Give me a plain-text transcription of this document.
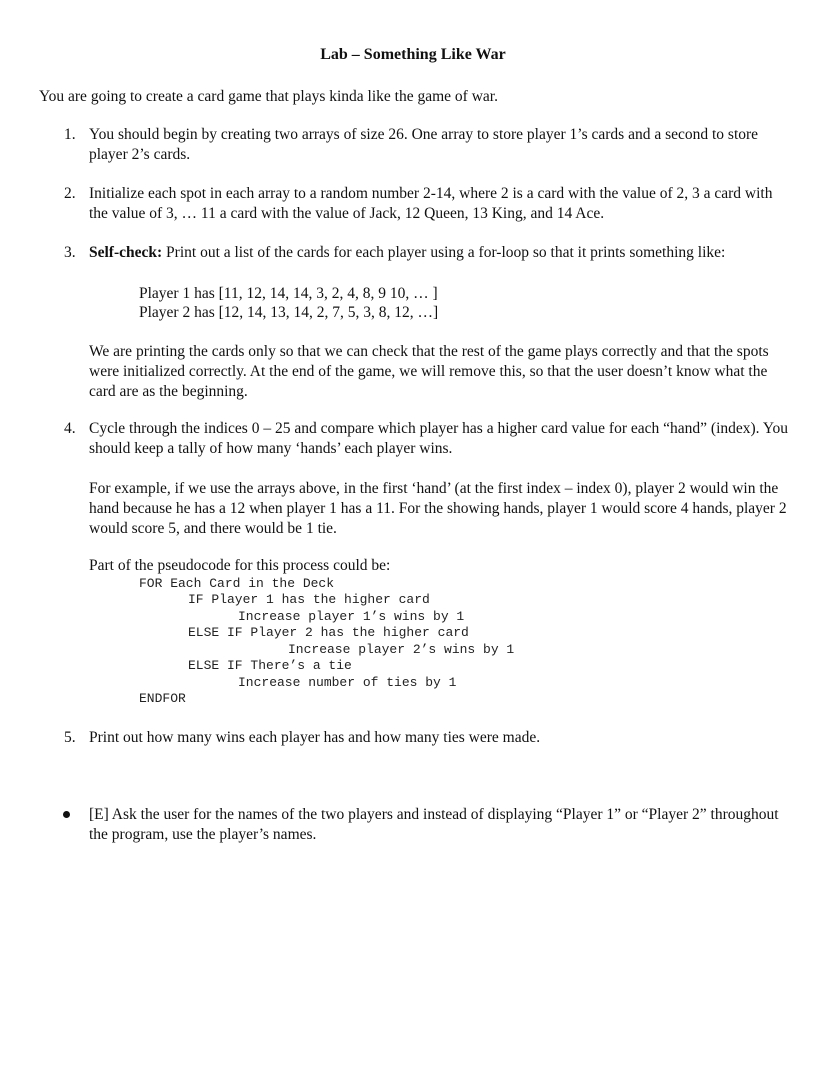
Lab – Something Like War
You are going to create a card game that plays kinda like the game of war.
1. You should begin by creating two arrays of size 26. One array to store player 1’s cards and a second to store player 2’s cards.

2. Initialize each spot in each array to a random number 2-14, where 2 is a card with the value of 2, 3 a card with the value of 3, … 11 a card with the value of Jack, 12 Queen, 13 King, and 14 Ace.

3. Self-check: Print out a list of the cards for each player using a for-loop so that it prints something like:

Player 1 has [11, 12, 14, 14, 3, 2, 4, 8, 9 10, … ]
Player 2 has [12, 14, 13, 14, 2, 7, 5, 3, 8, 12, …]

We are printing the cards only so that we can check that the rest of the game plays correctly and that the spots were initialized correctly. At the end of the game, we will remove this, so that the user doesn’t know what the card are as the beginning.

4. Cycle through the indices 0 – 25 and compare which player has a higher card value for each “hand” (index). You should keep a tally of how many ‘hands’ each player wins.

For example, if we use the arrays above, in the first ‘hand’ (at the first index – index 0), player 2 would win the hand because he has a 12 when player 1 has a 11. For the showing hands, player 1 would score 4 hands, player 2 would score 5, and there would be 1 tie.

Part of the pseudocode for this process could be:

FOR Each Card in the Deck
IF Player 1 has the higher card
Increase player 1’s wins by 1
ELSE IF Player 2 has the higher card
Increase player 2’s wins by 1
ELSE IF There’s a tie
Increase number of ties by 1
ENDFOR
5. Print out how many wins each player has and how many ties were made.

[E] Ask the user for the names of the two players and instead of displaying “Player 1” or “Player 2” throughout the program, use the player’s names.
